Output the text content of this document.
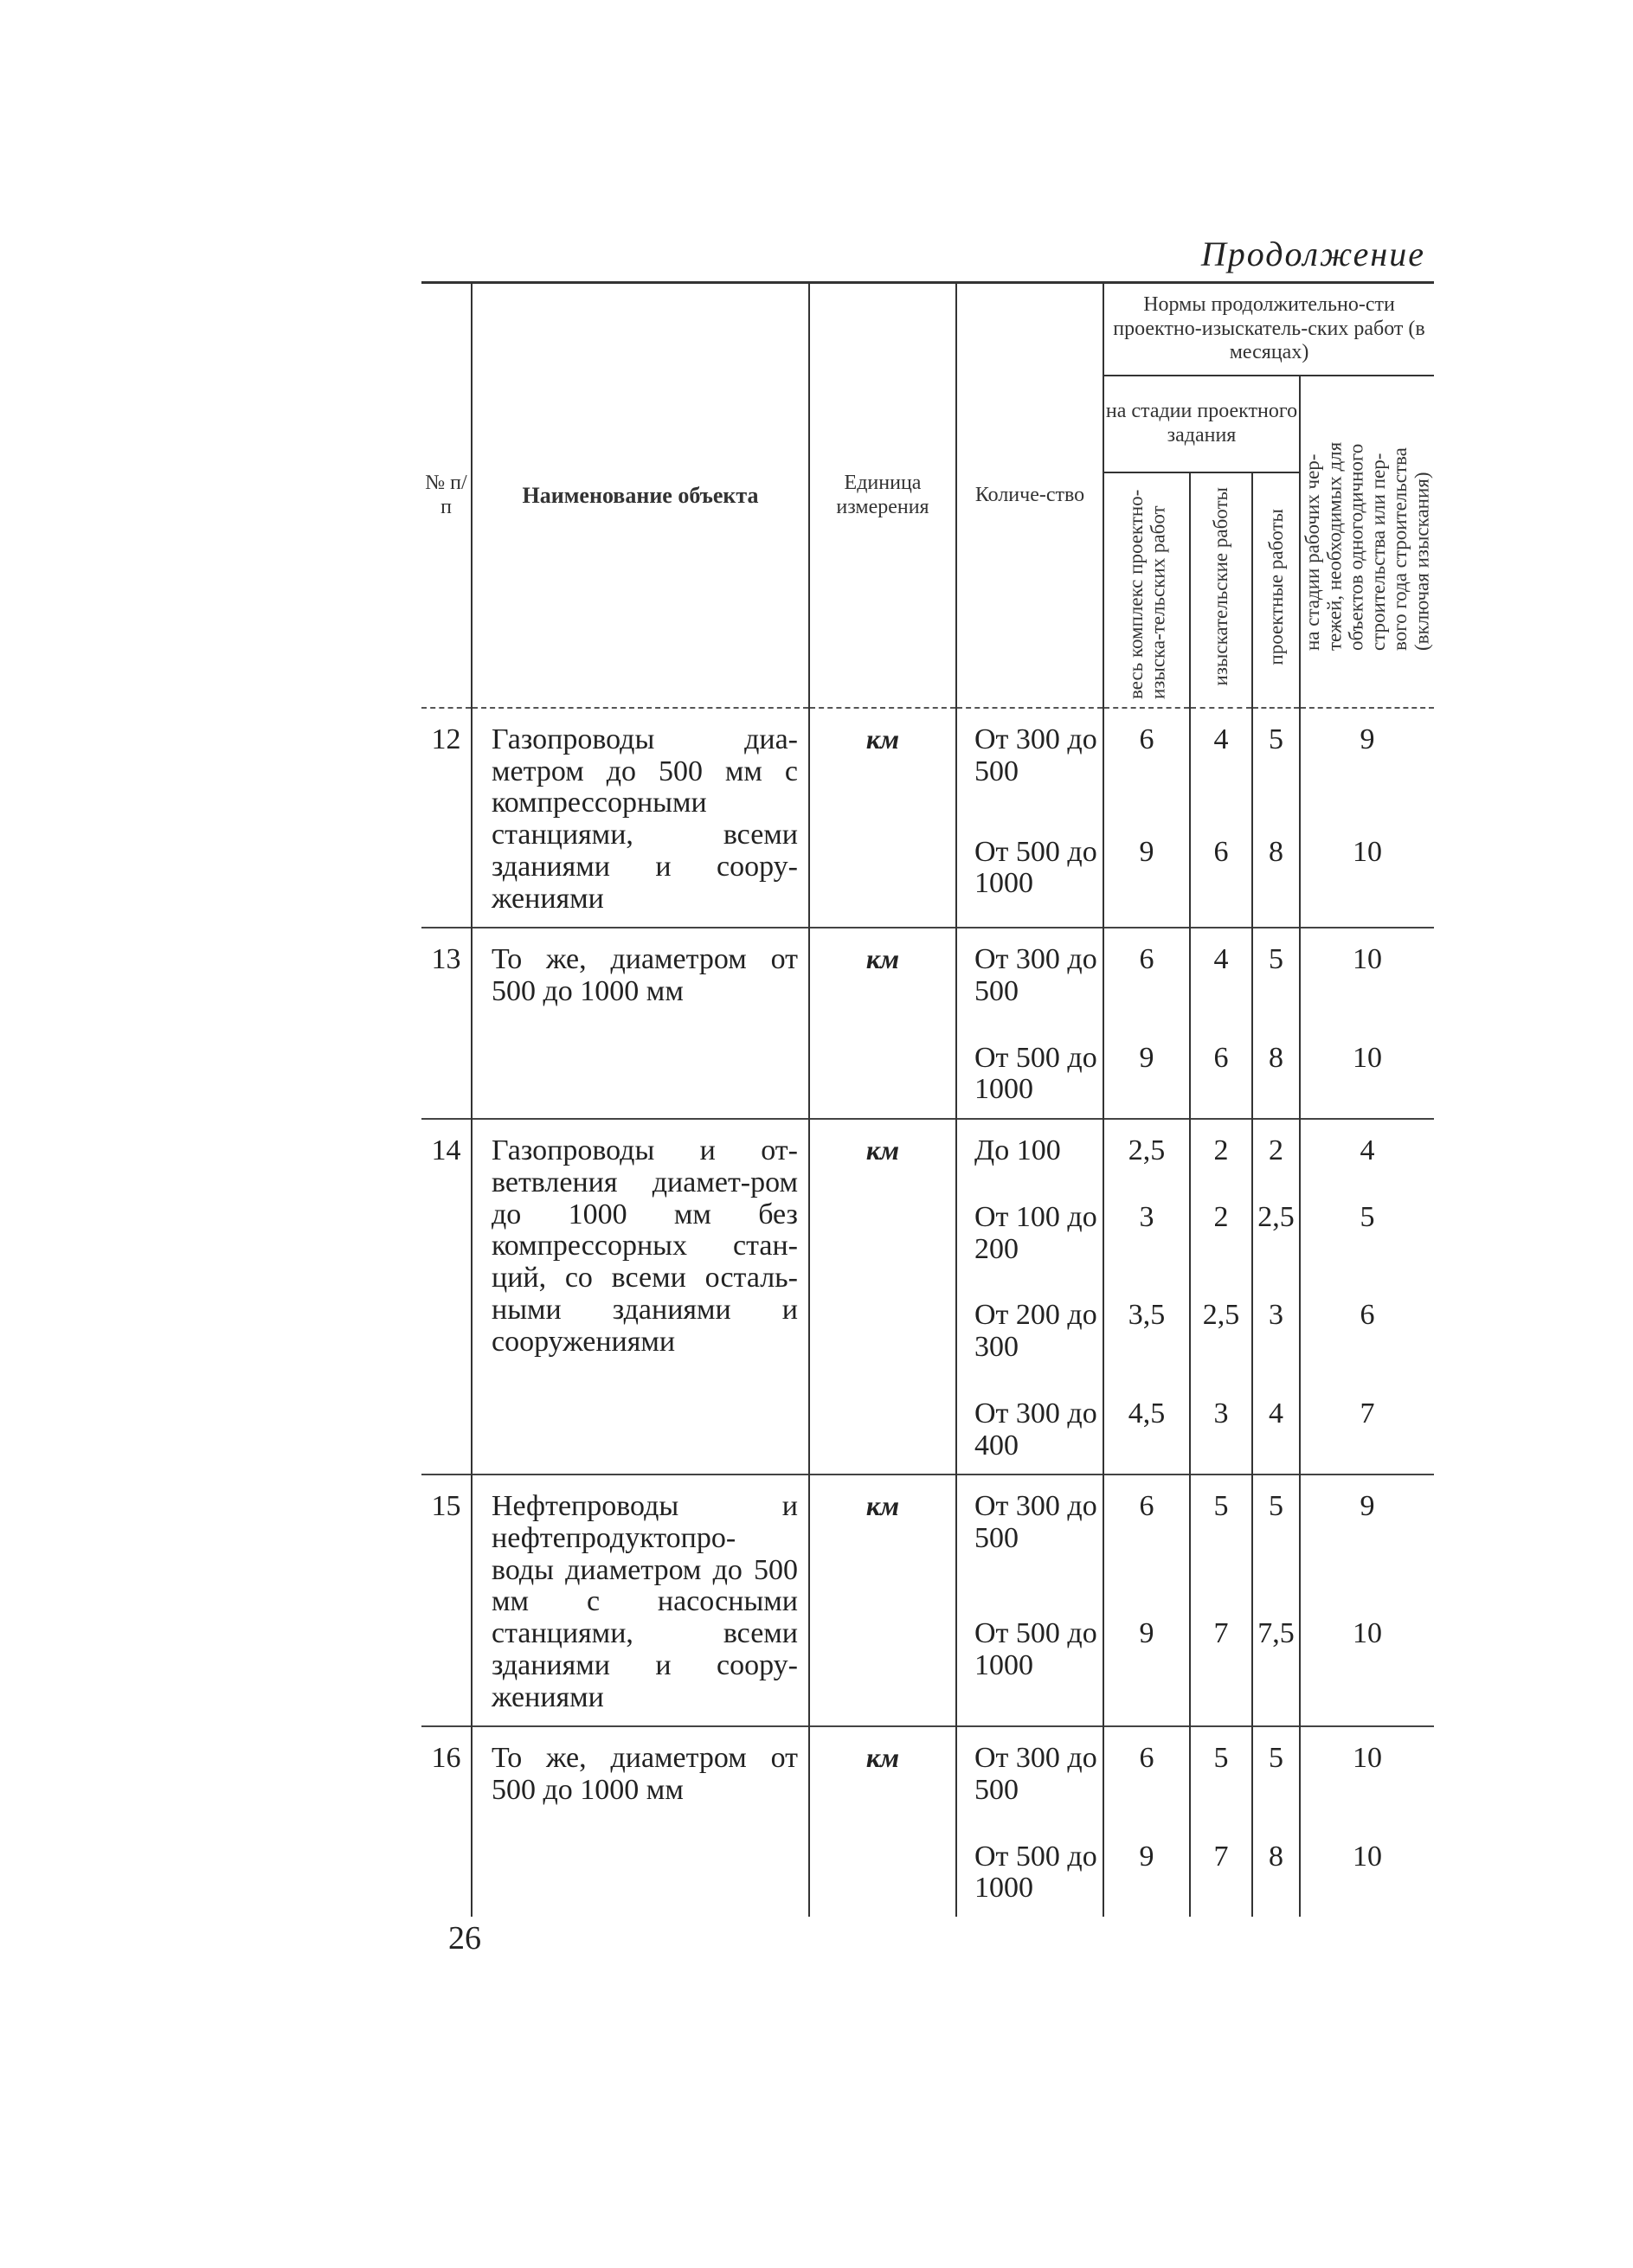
Продолжение
№ п/п	Наименование объекта	Единица измерения	Количе-ство	Нормы продолжительно-сти проектно-изыскатель-ских работ (в месяцах)			
				на стадии проектного задания			на стадии рабочих чер-тежей, необходимых для объектов одногодичного строительства или пер-вого года строительства (включая изыскания)
				весь комплекс проектно-изыска-тельских работ	изыскательские работы	проектные работы	
12	Газопроводы диа-метром до 500 мм с компрессорными станциями, всеми зданиями и соору-жениями	км	От 300 до 500	6	4	5	9
			От 500 до 1000	9	6	8	10
13	То же, диаметром от 500 до 1000 мм	км	От 300 до 500	6	4	5	10
			От 500 до 1000	9	6	8	10
14	Газопроводы и от-ветвления диамет-ром до 1000 мм без компрессорных стан-ций, со всеми осталь-ными зданиями и сооружениями	км	До 100	2,5	2	2	4
			От 100 до 200	3	2	2,5	5
			От 200 до 300	3,5	2,5	3	6
			От 300 до 400	4,5	3	4	7
15	Нефтепроводы и нефтепродуктопро-воды диаметром до 500 мм с насосными станциями, всеми зданиями и соору-жениями	км	От 300 до 500	6	5	5	9
			От 500 до 1000	9	7	7,5	10
16	То же, диаметром от 500 до 1000 мм	км	От 300 до 500	6	5	5	10
			От 500 до 1000	9	7	8	10
26
